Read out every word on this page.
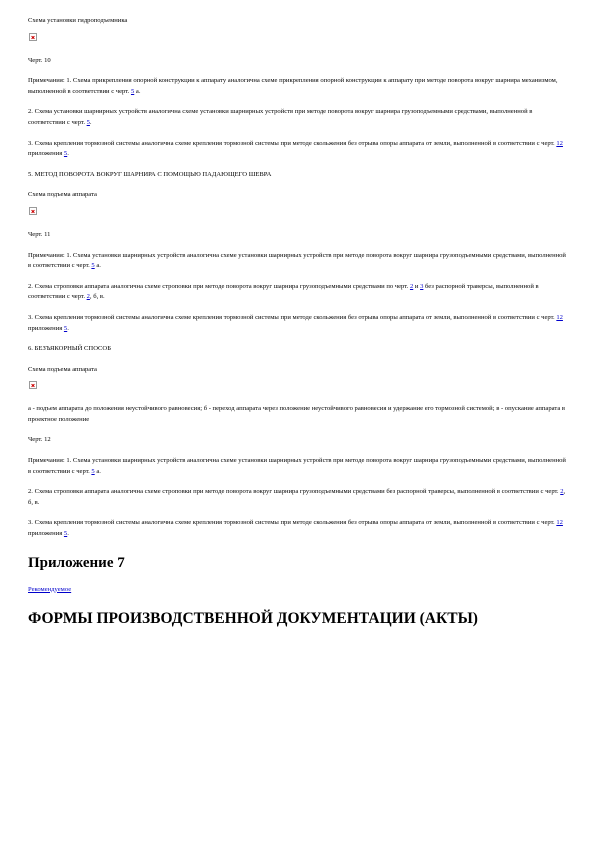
Схема установки гидроподъемника

Черт. 10

Примечания: 1. Схема прикрепления опорной конструкции к аппарату аналогична схеме прикрепления опорной конструкции к аппарату при методе поворота вокруг шарнира механизмом, выполненной в соответствии с черт. 5 а.

2. Схема установки шарнирных устройств аналогична схеме установки шарнирных устройств при методе поворота вокруг шарнира грузоподъемными средствами, выполненной в соответствии с черт. 5.

3. Схема крепления тормозной системы аналогична схеме крепления тормозной системы при методе скольжения без отрыва опоры аппарата от земли, выполненной в соответствии с черт. 12 приложения 5.

5. МЕТОД ПОВОРОТА ВОКРУГ ШАРНИРА С ПОМОЩЬЮ ПАДАЮЩЕГО ШЕВРА

Схема подъема аппарата

Черт. 11

Примечания: 1. Схема установки шарнирных устройств аналогична схеме установки шарнирных устройств при методе поворота вокруг шарнира грузоподъемными средствами, выполненной в соответствии с черт. 5 а.

2. Схема строповки аппарата аналогична схеме строповки при методе поворота вокруг шарнира грузоподъемными средствами по черт. 2 и 3 без распорной траверсы, выполненной в соответствии с черт. 2, б, в.

3. Схема крепления тормозной системы аналогична схеме крепления тормозной системы при методе скольжения без отрыва опоры аппарата от земли, выполненной в соответствии с черт. 12 приложения 5.

6. БЕЗЪЯКОРНЫЙ СПОСОБ

Схема подъема аппарата

а - подъем аппарата до положения неустойчивого равновесия; б - переход аппарата через положение неустойчивого равновесия и удержание его тормозной системой; в - опускание аппарата в проектное положение

Черт. 12

Примечания: 1. Схема установки шарнирных устройств аналогична схеме установки шарнирных устройств при методе поворота вокруг шарнира грузоподъемными средствами, выполненной в соответствии с черт. 5 а.

2. Схема строповки аппарата аналогична схеме строповки при методе поворота вокруг шарнира грузоподъемными средствами без распорной траверсы, выполненной в соответствии с черт. 2, б, в.

3. Схема крепления тормозной системы аналогична схеме крепления тормозной системы при методе скольжения без отрыва опоры аппарата от земли, выполненной в соответствии с черт. 12 приложения 5.

Приложение 7
Рекомендуемое
ФОРМЫ ПРОИЗВОДСТВЕННОЙ ДОКУМЕНТАЦИИ (АКТЫ)
